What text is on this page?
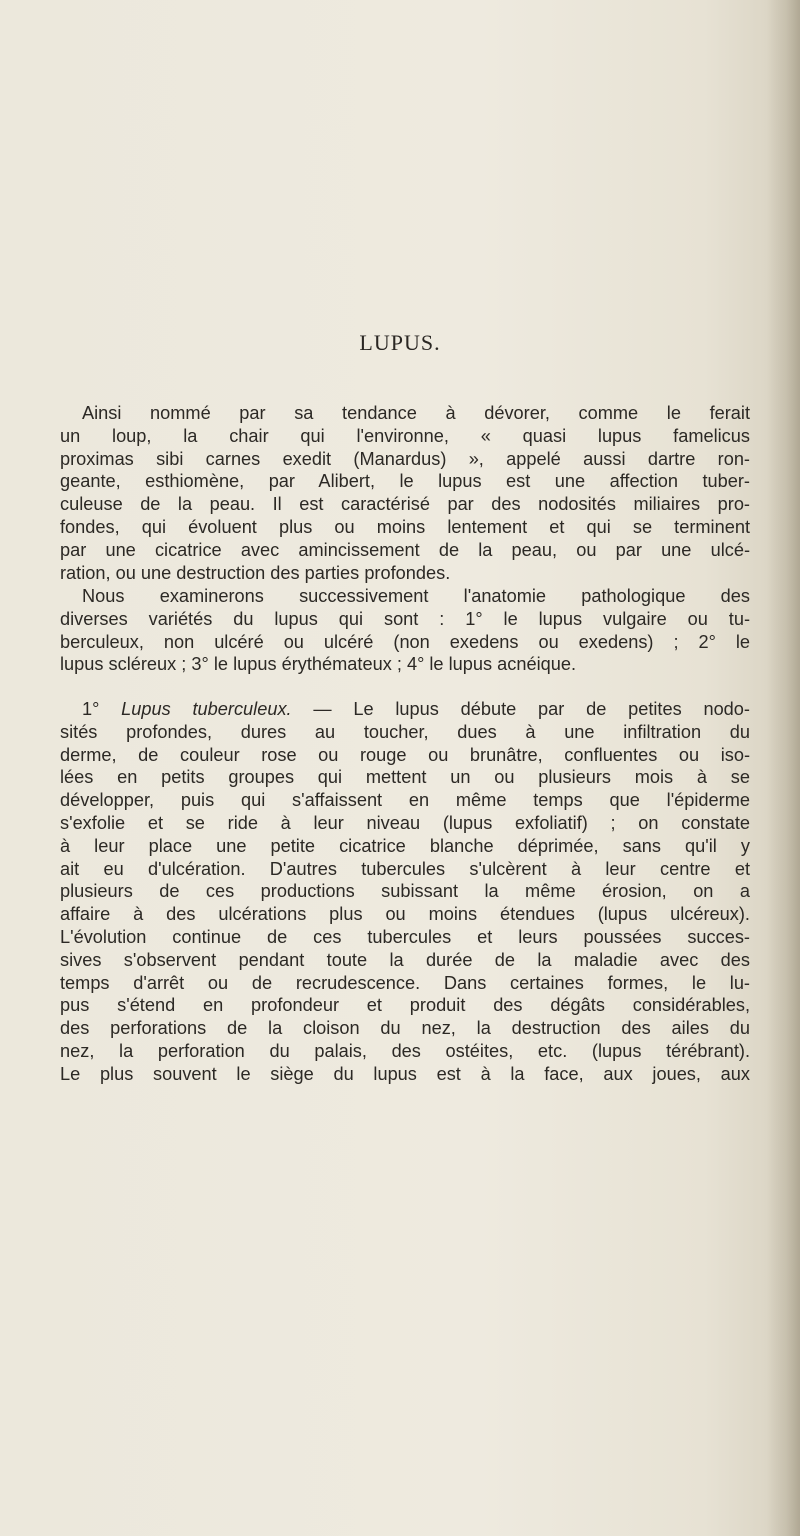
LUPUS.
Ainsi nommé par sa tendance à dévorer, comme le ferait
un loup, la chair qui l'environne, « quasi lupus famelicus
proximas sibi carnes exedit (Manardus) », appelé aussi dartre ron-
geante, esthiomène, par Alibert, le lupus est une affection tuber-
culeuse de la peau. Il est caractérisé par des nodosités miliaires pro-
fondes, qui évoluent plus ou moins lentement et qui se terminent
par une cicatrice avec amincissement de la peau, ou par une ulcé-
ration, ou une destruction des parties profondes.
Nous examinerons successivement l'anatomie pathologique des
diverses variétés du lupus qui sont : 1° le lupus vulgaire ou tu-
berculeux, non ulcéré ou ulcéré (non exedens ou exedens) ; 2° le
lupus scléreux ; 3° le lupus érythémateux ; 4° le lupus acnéique.
1° Lupus tuberculeux. — Le lupus débute par de petites nodo-
sités profondes, dures au toucher, dues à une infiltration du
derme, de couleur rose ou rouge ou brunâtre, confluentes ou iso-
lées en petits groupes qui mettent un ou plusieurs mois à se
développer, puis qui s'affaissent en même temps que l'épiderme
s'exfolie et se ride à leur niveau (lupus exfoliatif) ; on constate
à leur place une petite cicatrice blanche déprimée, sans qu'il y
ait eu d'ulcération. D'autres tubercules s'ulcèrent à leur centre et
plusieurs de ces productions subissant la même érosion, on a
affaire à des ulcérations plus ou moins étendues (lupus ulcéreux).
L'évolution continue de ces tubercules et leurs poussées succes-
sives s'observent pendant toute la durée de la maladie avec des
temps d'arrêt ou de recrudescence. Dans certaines formes, le lu-
pus s'étend en profondeur et produit des dégâts considérables,
des perforations de la cloison du nez, la destruction des ailes du
nez, la perforation du palais, des ostéites, etc. (lupus térébrant).
Le plus souvent le siège du lupus est à la face, aux joues, aux
